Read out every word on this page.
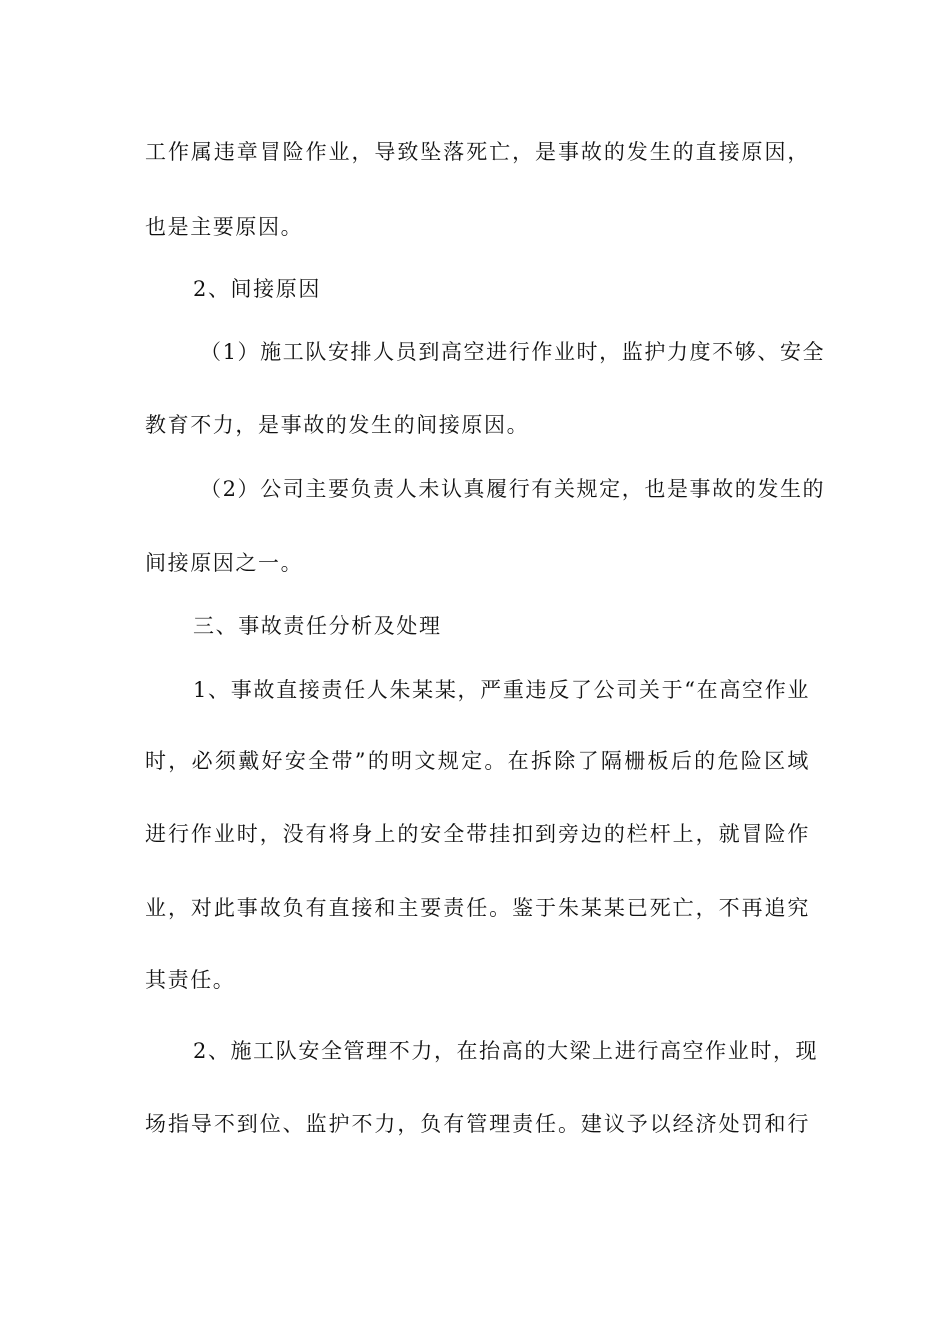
工作属违章冒险作业，导致坠落死亡，是事故的发生的直接原因，
也是主要原因。
2、间接原因
（1）施工队安排人员到高空进行作业时，监护力度不够、安全
教育不力，是事故的发生的间接原因。
（2）公司主要负责人未认真履行有关规定，也是事故的发生的
间接原因之一。
三、事故责任分析及处理
1、事故直接责任人朱某某，严重违反了公司关于“在高空作业
时，必须戴好安全带”的明文规定。在拆除了隔栅板后的危险区域
进行作业时，没有将身上的安全带挂扣到旁边的栏杆上，就冒险作
业，对此事故负有直接和主要责任。鉴于朱某某已死亡，不再追究
其责任。
2、施工队安全管理不力，在抬高的大梁上进行高空作业时，现
场指导不到位、监护不力，负有管理责任。建议予以经济处罚和行
